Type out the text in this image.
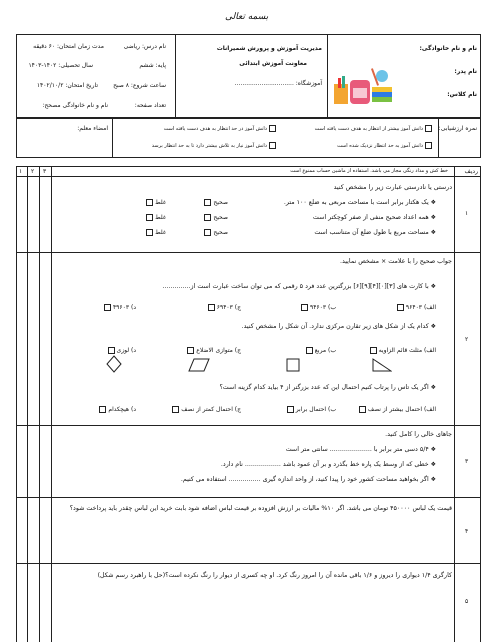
بسمه تعالی
نام و نام خانوادگی:
نام پدر:
نام کلاس:
مدیریت آموزش و پرورش شمیرانات
معاونت آموزش ابتدائی
آموزشگاه: ...............................
نام درس: ریاضی
پایه: ششم
ساعت شروع: ۸ صبح
تعداد صفحه:
مدت زمان امتحان: ۶۰ دقیقه
سال تحصیلی: ۱۴۰۲-۱۴۰۳
تاریخ امتحان: ۱۴۰۲/۱۰/۲
نام و نام خانوادگی مصحح:
نمره ارزشیابی:
امضاء معلم:	دانش آموز بیشتر از انتظار به هدف دست یافته است
دانش آموز در حد انتظار به هدف دست یافته است
دانش آموز به حد انتظار نزدیک شده است
دانش آموز نیاز به تلاش بیشتر دارد تا به حد انتظار برسد
ردیف
خط کش و مداد رنگی مجاز می باشد. استفاده از ماشین حساب ممنوع است
۱ ۲ ۳
۱
درستی یا نادرستی عبارت زیر را مشخص کنید
❖ یک هکتار برابر است با مساحت مربعی به ضلع ۱۰۰ متر.
❖ همه اعداد صحیح منفی از صفر کوچکتر است
❖ مساحت مربع با طول ضلع آن متناسب است
صحیح
غلط
صحیح
غلط
صحیح
غلط
۲
جواب صحیح را با علامت × مشخص نمایید.
❖ با کارت های [۳][۰][۴][۹][۶] بزرگترین عدد فرد ۵ رقمی که می توان ساخت عبارت است از..............
الف) ۹۶۴۰۳
ب) ۹۴۶۰۳
ج) ۶۹۴۰۳
د) ۴۹۶۰۳
❖ کدام یک از شکل های زیر تقارن مرکزی ندارد. آن شکل را مشخص کنید.
الف) مثلث قائم الزاویه
ب) مربع
ج) متوازی الاضلاع
د) لوزی
❖ اگر یک تاس را پرتاب کنیم احتمال این که عدد بزرگتر از ۴ بیاید کدام گزینه است؟
الف) احتمال بیشتر از نصف
ب) احتمال برابر
ج) احتمال کمتر از نصف
د) هیچکدام
۳
جاهای خالی را کامل کنید.
❖ ۵/۴ دسی متر برابر با ..................... سانتی متر است
❖ خطی که از وسط یک پاره خط بگذرد و بر آن عمود باشد .................. نام دارد.
❖ اگر بخواهید مساحت کشور خود را پیدا کنید، از واحد اندازه گیری ................ استفاده می کنیم.
۴
قیمت یک لباس ۴۵۰۰۰۰ تومان می باشد. اگر ۱۰% مالیات بر ارزش افزوده بر قیمت لباس اضافه شود بابت خرید این لباس چقدر باید پرداخت شود؟
۵
کارگری ۱/۴ دیواری را دیروز و ۱/۶ باقی مانده آن را امروز رنگ کرد. او چه کسری از دیوار را رنگ نکرده است؟(حل با راهبرد رسم شکل)
